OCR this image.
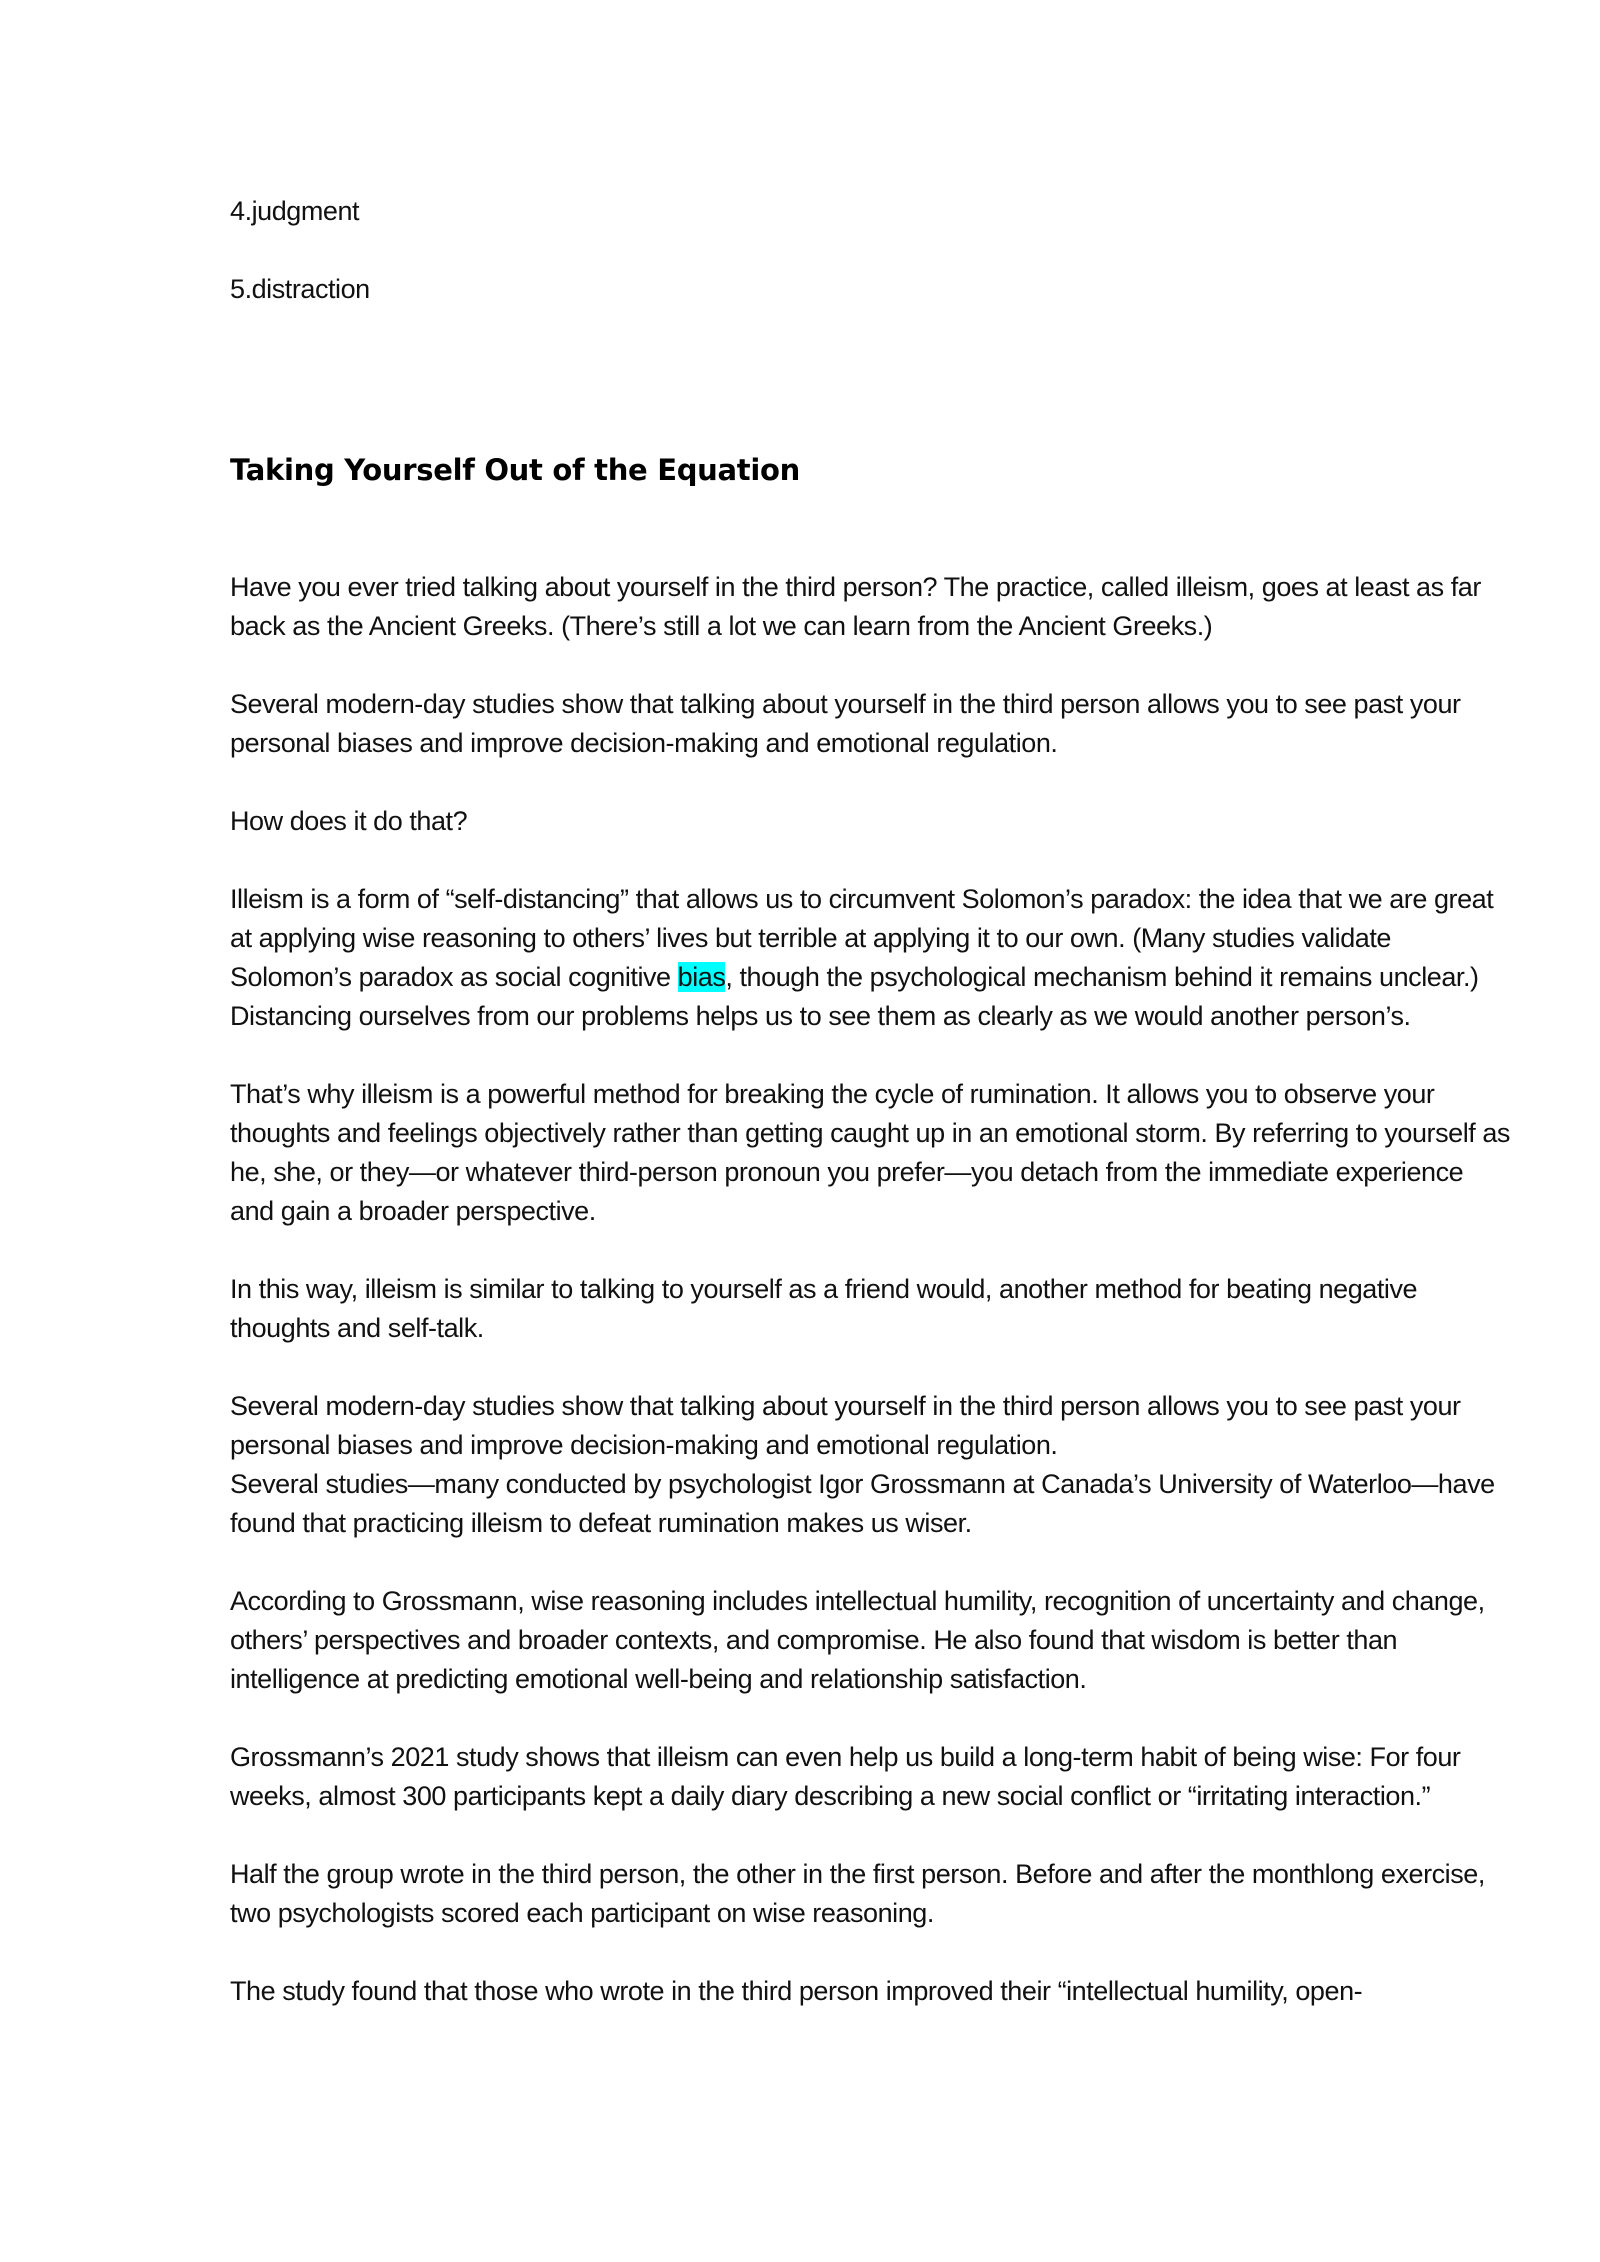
4.judgment
5.distraction
Taking Yourself Out of the Equation

Have you ever tried talking about yourself in the third person? The practice, called illeism, goes at least as far back as the Ancient Greeks. (There’s still a lot we can learn from the Ancient Greeks.)

Several modern-day studies show that talking about yourself in the third person allows you to see past your personal biases and improve decision-making and emotional regulation.

How does it do that?

Illeism is a form of “self-distancing” that allows us to circumvent Solomon’s paradox: the idea that we are great at applying wise reasoning to others’ lives but terrible at applying it to our own. (Many studies validate Solomon’s paradox as social cognitive bias, though the psychological mechanism behind it remains unclear.) Distancing ourselves from our problems helps us to see them as clearly as we would another person’s.

That’s why illeism is a powerful method for breaking the cycle of rumination. It allows you to observe your thoughts and feelings objectively rather than getting caught up in an emotional storm. By referring to yourself as he, she, or they—or whatever third-person pronoun you prefer—you detach from the immediate experience and gain a broader perspective.

In this way, illeism is similar to talking to yourself as a friend would, another method for beating negative thoughts and self-talk.

Several modern-day studies show that talking about yourself in the third person allows you to see past your personal biases and improve decision-making and emotional regulation.

Several studies—many conducted by psychologist Igor Grossmann at Canada’s University of Waterloo—have found that practicing illeism to defeat rumination makes us wiser.

According to Grossmann, wise reasoning includes intellectual humility, recognition of uncertainty and change, others’ perspectives and broader contexts, and compromise. He also found that wisdom is better than intelligence at predicting emotional well-being and relationship satisfaction.

Grossmann’s 2021 study shows that illeism can even help us build a long-term habit of being wise: For four weeks, almost 300 participants kept a daily diary describing a new social conflict or “irritating interaction.”

Half the group wrote in the third person, the other in the first person. Before and after the monthlong exercise, two psychologists scored each participant on wise reasoning.

The study found that those who wrote in the third person improved their “intellectual humility, open-
